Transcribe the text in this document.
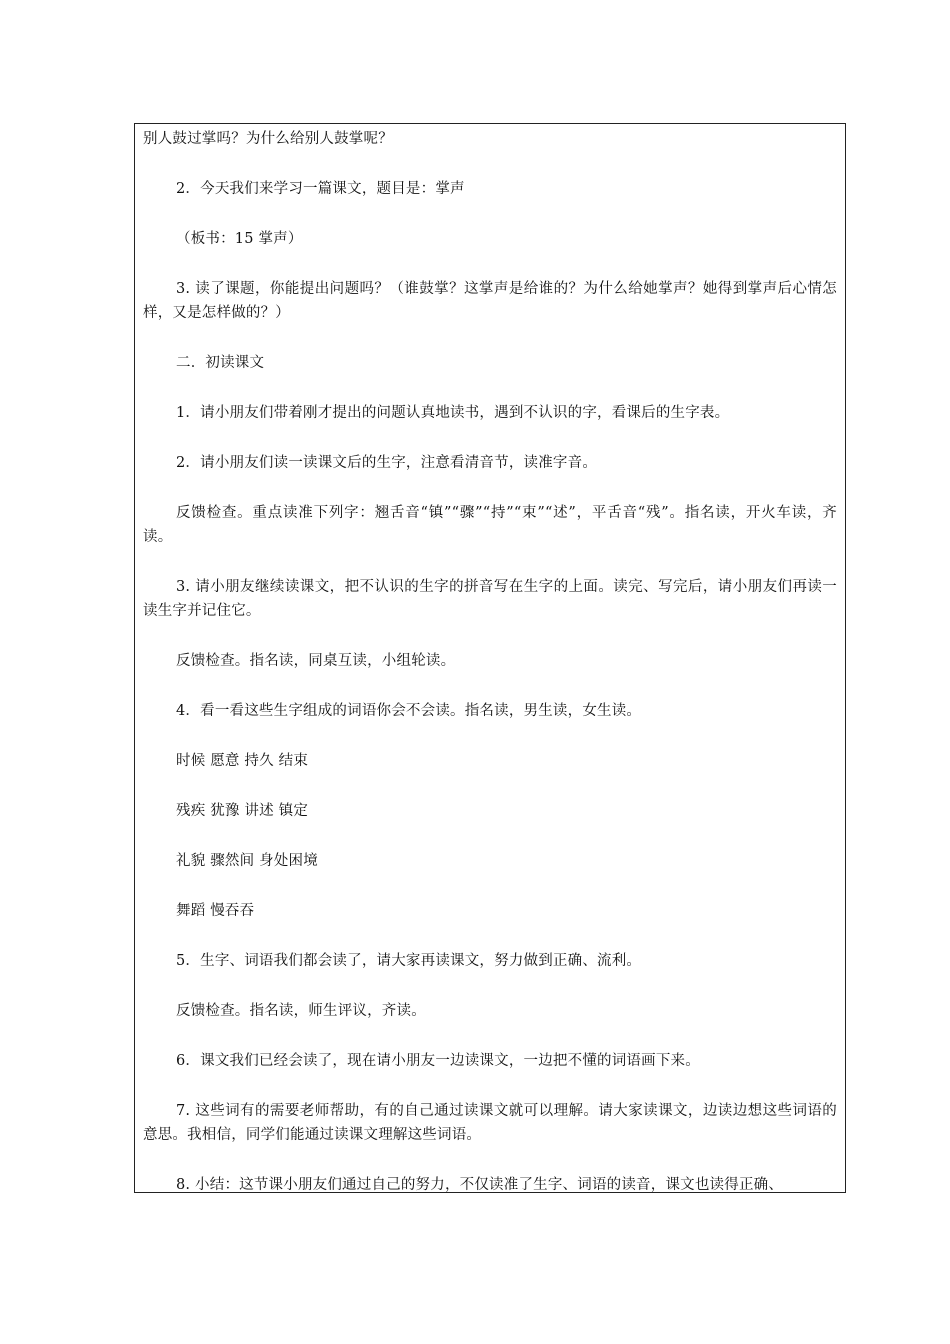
别人鼓过掌吗？为什么给别人鼓掌呢？

2．今天我们来学习一篇课文，题目是：掌声

（板书：15 掌声）

3. 读了课题，你能提出问题吗？（谁鼓掌？这掌声是给谁的？为什么给她掌声？她得到掌声后心情怎样，又是怎样做的？）

二．初读课文

1．请小朋友们带着刚才提出的问题认真地读书，遇到不认识的字，看课后的生字表。

2．请小朋友们读一读课文后的生字，注意看清音节，读准字音。

反馈检查。重点读准下列字：翘舌音“镇”“骤”“持”“束”“述”，平舌音“残”。指名读，开火车读，齐读。

3. 请小朋友继续读课文，把不认识的生字的拼音写在生字的上面。读完、写完后，请小朋友们再读一读生字并记住它。

反馈检查。指名读，同桌互读，小组轮读。

4．看一看这些生字组成的词语你会不会读。指名读，男生读，女生读。

时候 愿意 持久 结束

残疾 犹豫 讲述 镇定

礼貌 骤然间 身处困境

舞蹈 慢吞吞

5．生字、词语我们都会读了，请大家再读课文，努力做到正确、流利。

反馈检查。指名读，师生评议，齐读。

6．课文我们已经会读了，现在请小朋友一边读课文，一边把不懂的词语画下来。

7. 这些词有的需要老师帮助，有的自己通过读课文就可以理解。请大家读课文，边读边想这些词语的意思。我相信，同学们能通过读课文理解这些词语。

8. 小结：这节课小朋友们通过自己的努力，不仅读准了生字、词语的读音，课文也读得正确、
